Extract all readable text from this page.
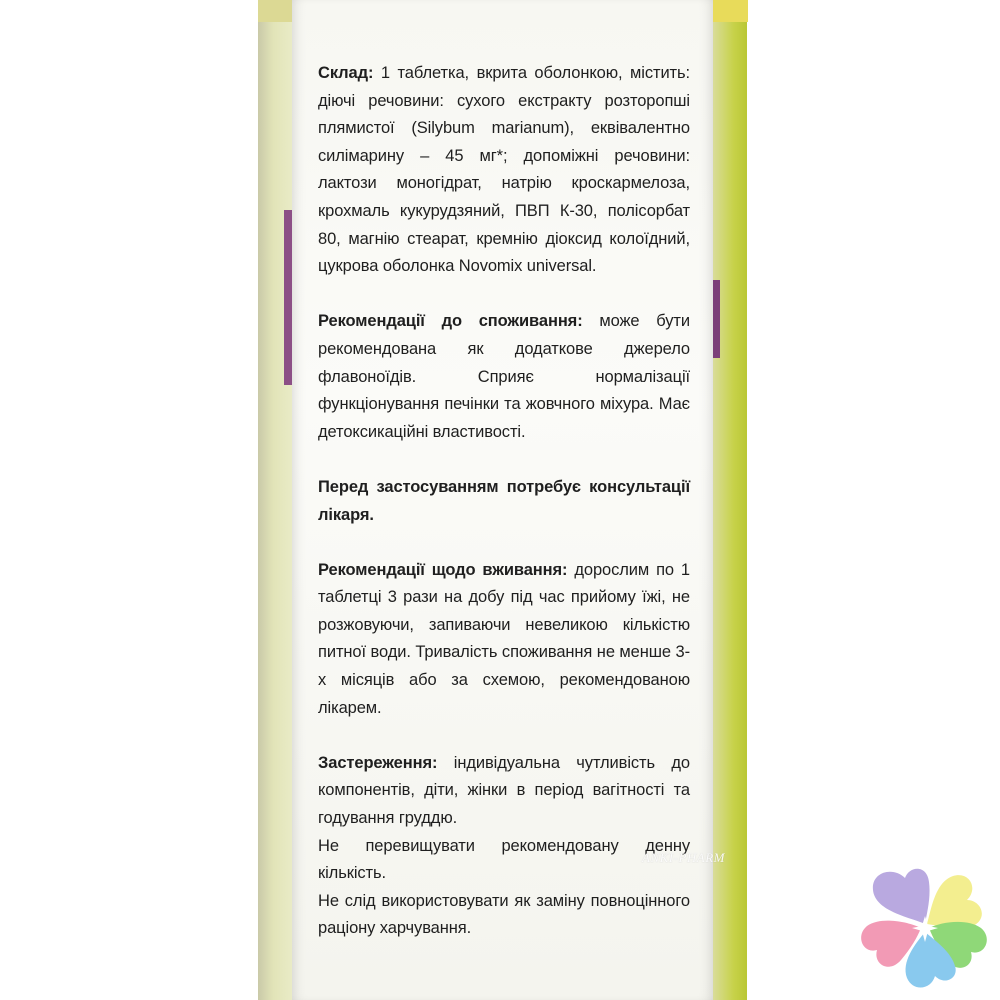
Склад: 1 таблетка, вкрита оболонкою, містить: діючі речовини: сухого екстракту розторопші плямистої (Silybum marianum), еквівалентно силімарину – 45 мг*; допоміжні речовини: лактози моногідрат, натрію кроскармелоза, крохмаль кукурудзяний, ПВП К-30, полісорбат 80, магнію стеарат, кремнію діоксид колоїдний, цукрова оболонка Novomix universal.

Рекомендації до споживання: може бути рекомендована як додаткове джерело флавоноїдів. Сприяє нормалізації функціонування печінки та жовчного міхура. Має детоксикаційні властивості.

Перед застосуванням потребує консультації лікаря.

Рекомендації щодо вживання: дорослим по 1 таблетці 3 рази на добу під час прийому їжі, не розжовуючи, запиваючи невеликою кількістю питної води. Тривалість споживання не менше 3-х місяців або за схемою, рекомендованою лікарем.

Застереження: індивідуальна чутливість до компонентів, діти, жінки в період вагітності та годування груддю.
Не перевищувати рекомендовану денну кількість.
Не слід використовувати як заміну повноцінного раціону харчування.
ANKI-PHARM
